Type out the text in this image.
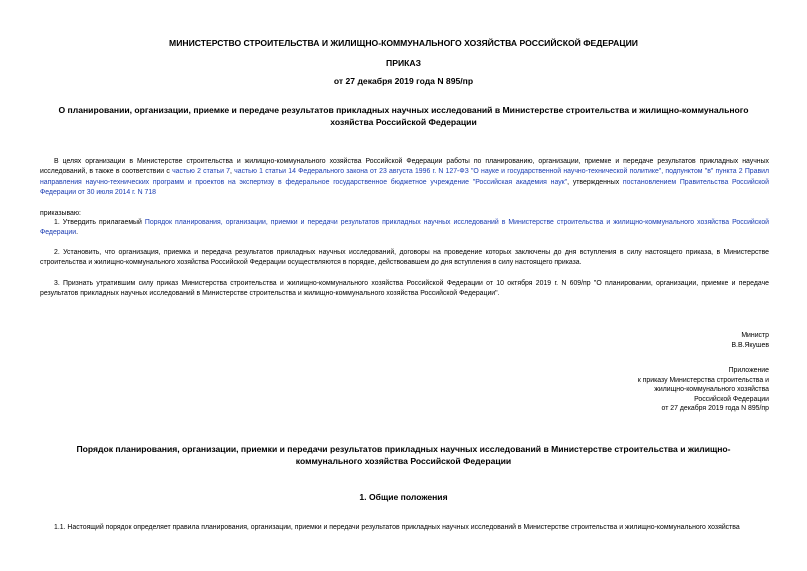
МИНИСТЕРСТВО СТРОИТЕЛЬСТВА И ЖИЛИЩНО-КОММУНАЛЬНОГО ХОЗЯЙСТВА РОССИЙСКОЙ ФЕДЕРАЦИИ
ПРИКАЗ
от 27 декабря 2019 года N 895/пр
О планировании, организации, приемке и передаче результатов прикладных научных исследований в Министерстве строительства и жилищно-коммунального хозяйства Российской Федерации
В целях организации в Министерстве строительства и жилищно-коммунального хозяйства Российской Федерации работы по планированию, организации, приемке и передаче результатов прикладных научных исследований, в также в соответствии с частью 2 статьи 7, частью 1 статьи 14 Федерального закона от 23 августа 1996 г. N 127-ФЗ "О науке и государственной научно-технической политике", подпунктом "в" пункта 2 Правил направления научно-технических программ и проектов на экспертизу в федеральное государственное бюджетное учреждение "Российская академия наук", утвержденных постановлением Правительства Российской Федерации от 30 июля 2014 г. N 718
приказываю:
1. Утвердить прилагаемый Порядок планирования, организации, приемки и передачи результатов прикладных научных исследований в Министерстве строительства и жилищно-коммунального хозяйства Российской Федерации.
2. Установить, что организация, приемка и передача результатов прикладных научных исследований, договоры на проведение которых заключены до дня вступления в силу настоящего приказа, в Министерстве строительства и жилищно-коммунального хозяйства Российской Федерации осуществляются в порядке, действовавшем до дня вступления в силу настоящего приказа.
3. Признать утратившим силу приказ Министерства строительства и жилищно-коммунального хозяйства Российской Федерации от 10 октября 2019 г. N 609/пр "О планировании, организации, приемке и передаче результатов прикладных научных исследований в Министерстве строительства и жилищно-коммунального хозяйства Российской Федерации".
Министр
В.В.Якушев
Приложение
к приказу Министерства строительства и
жилищно-коммунального хозяйства
Российской Федерации
от 27 декабря 2019 года N 895/пр
Порядок планирования, организации, приемки и передачи результатов прикладных научных исследований в Министерстве строительства и жилищно-коммунального хозяйства Российской Федерации
1. Общие положения
1.1. Настоящий порядок определяет правила планирования, организации, приемки и передачи результатов прикладных научных исследований в Министерстве строительства и жилищно-коммунального хозяйства
